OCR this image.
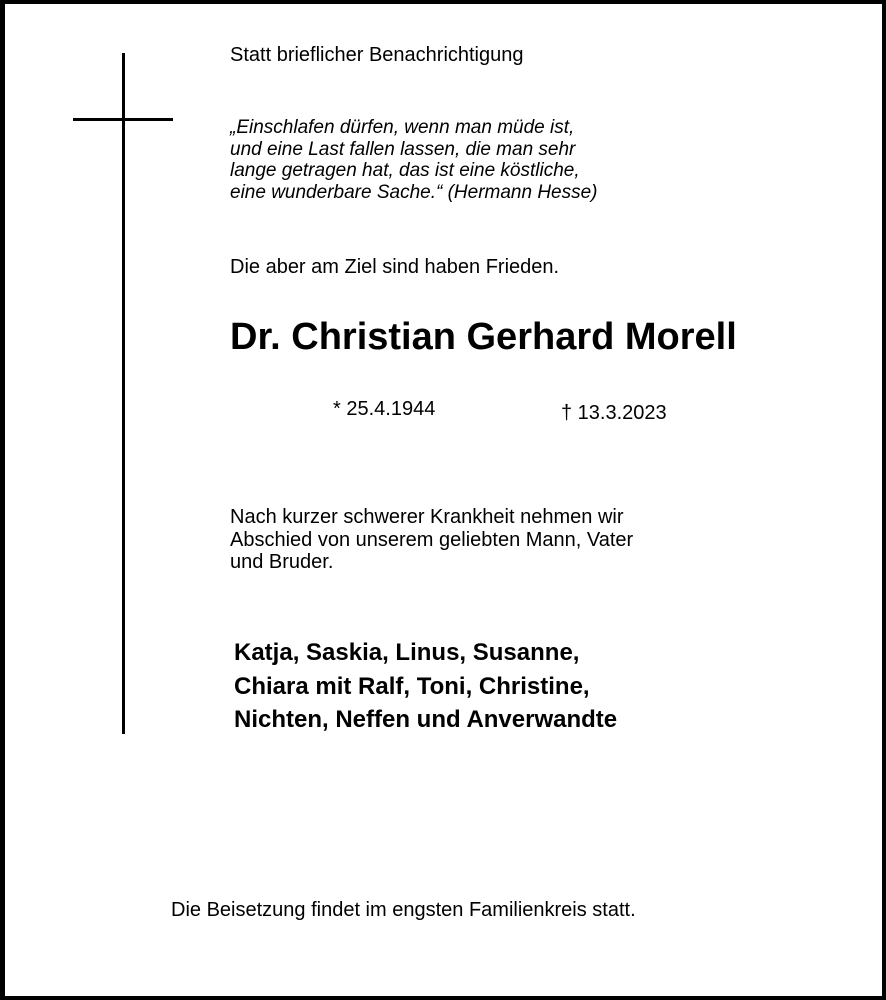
Statt brieflicher Benachrichtigung
„Einschlafen dürfen, wenn man müde ist,
und eine Last fallen lassen, die man sehr
lange getragen hat, das ist eine köstliche,
eine wunderbare Sache.“ (Hermann Hesse)
Die aber am Ziel sind haben Frieden.
Dr. Christian Gerhard Morell
* 25.4.1944	† 13.3.2023
Nach kurzer schwerer Krankheit nehmen wir
Abschied von unserem geliebten Mann, Vater
und Bruder.
Katja, Saskia, Linus, Susanne,
Chiara mit Ralf, Toni, Christine,
Nichten, Neffen und Anverwandte
Die Beisetzung findet im engsten Familienkreis statt.
